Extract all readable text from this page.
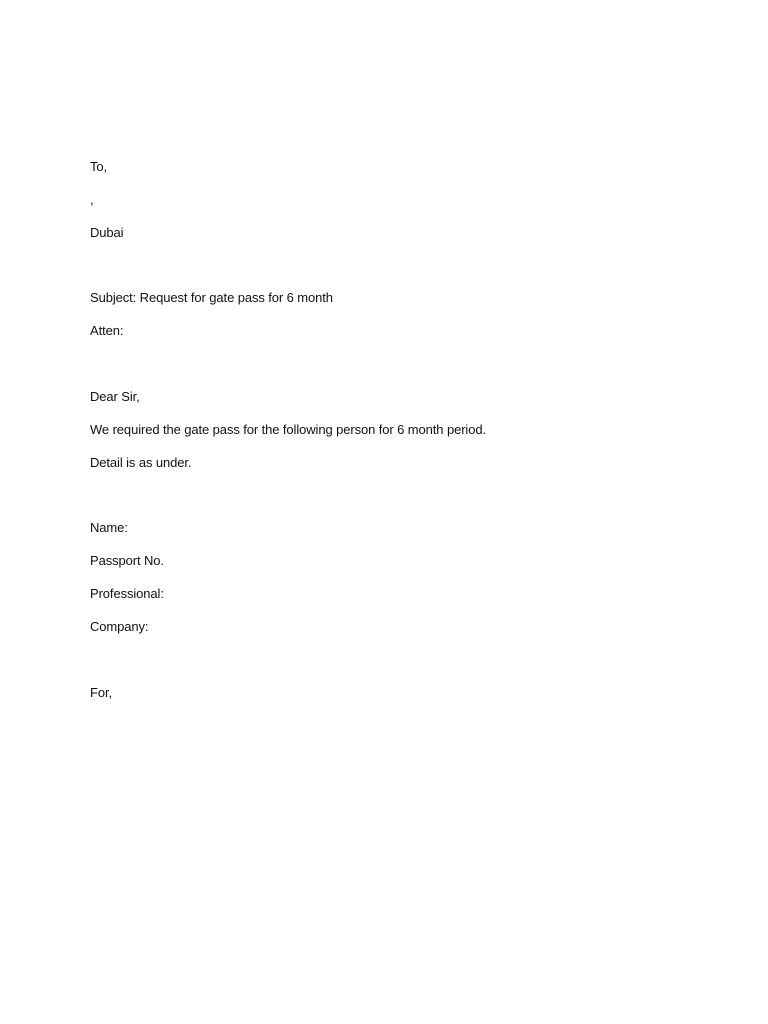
To,
,
Dubai
Subject: Request for gate pass for 6 month
Atten:
Dear Sir,
We required the gate pass for the following person for 6 month period.
Detail is as under.
Name:
Passport No.
Professional:
Company:
For,
